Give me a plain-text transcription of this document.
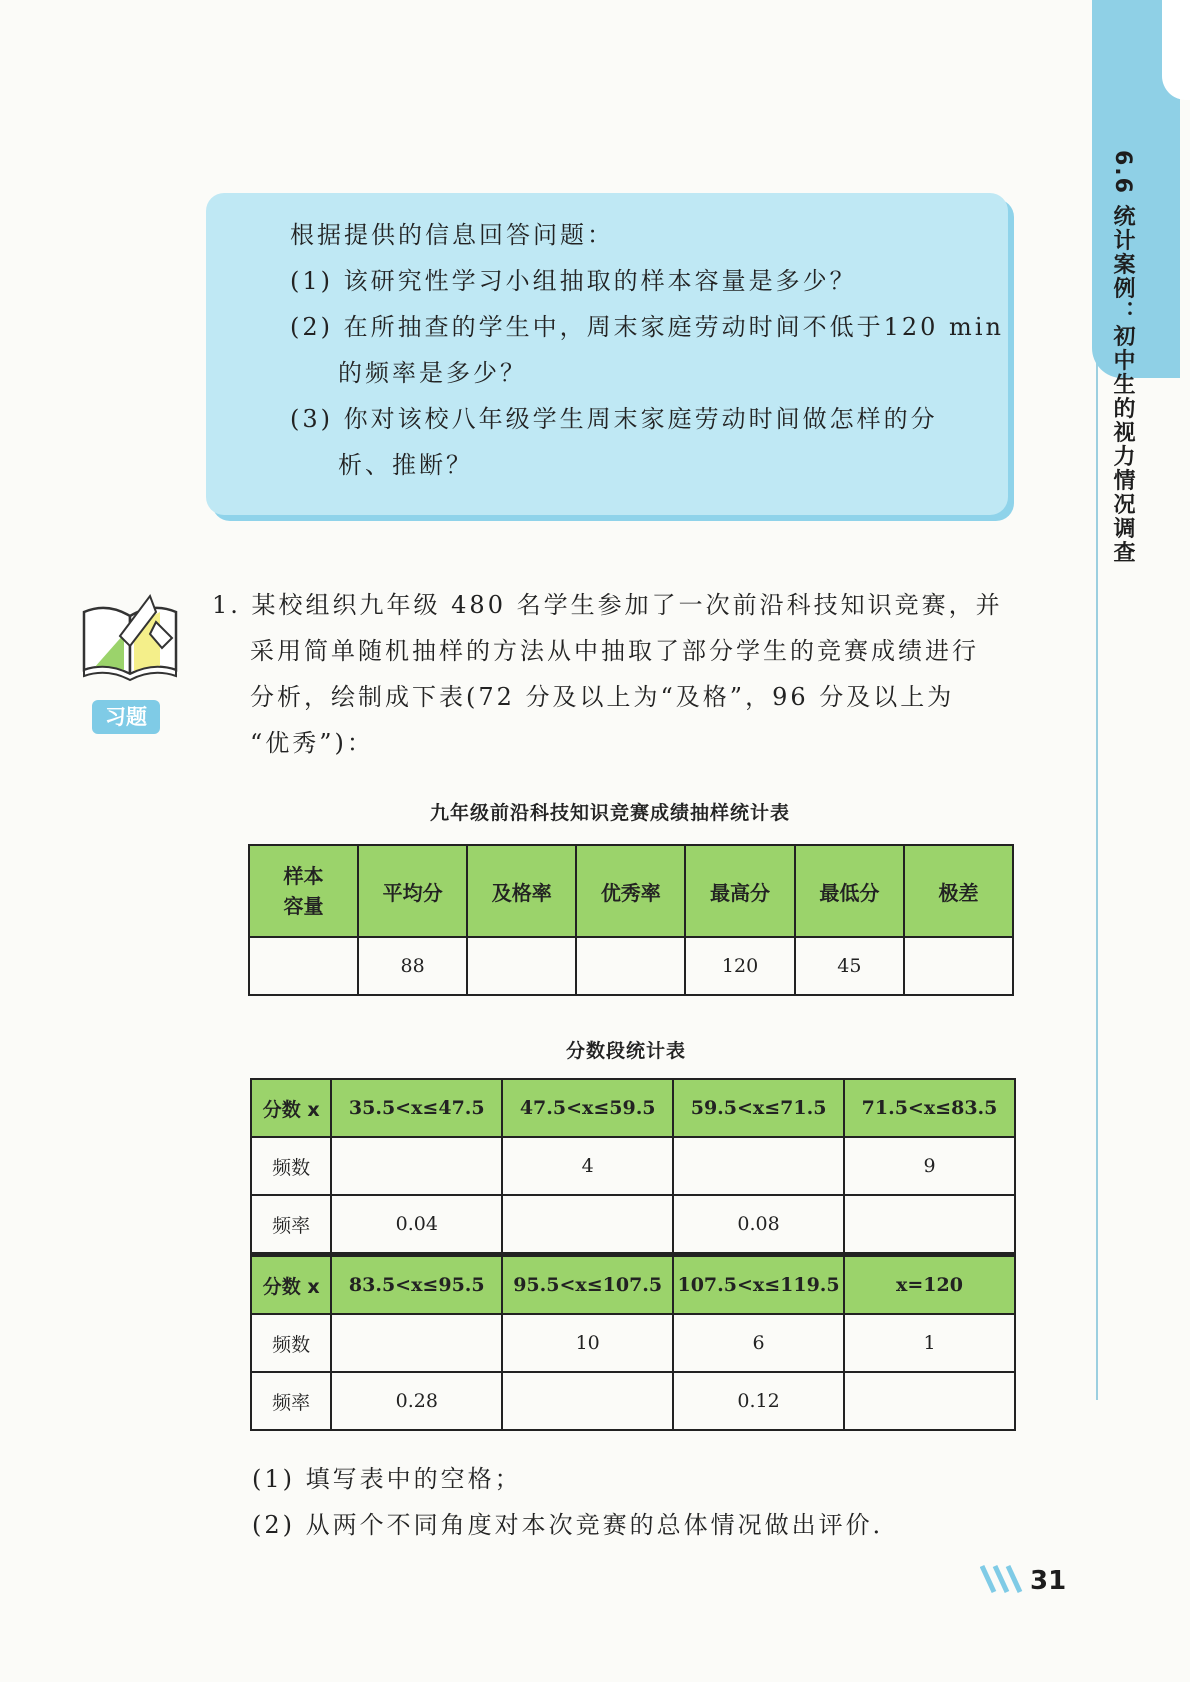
6.6 统计案例：初中生的视力情况调查
根据提供的信息回答问题：
(1) 该研究性学习小组抽取的样本容量是多少？
(2) 在所抽查的学生中，周末家庭劳动时间不低于120 min
的频率是多少？
(3) 你对该校八年级学生周末家庭劳动时间做怎样的分
析、推断？
习题
1. 某校组织九年级 480 名学生参加了一次前沿科技知识竞赛，并
采用简单随机抽样的方法从中抽取了部分学生的竞赛成绩进行
分析，绘制成下表(72 分及以上为“及格”，96 分及以上为
“优秀”)：
九年级前沿科技知识竞赛成绩抽样统计表
样本
容量	平均分	及格率	优秀率	最高分	最低分	极差
	88			120	45	
分数段统计表
分数 x	35.5<x≤47.5	47.5<x≤59.5	59.5<x≤71.5	71.5<x≤83.5
频数		4		9
频率	0.04		0.08	
分数 x	83.5<x≤95.5	95.5<x≤107.5	107.5<x≤119.5	x=120
频数		10	6	1
频率	0.28		0.12	
(1) 填写表中的空格；
(2) 从两个不同角度对本次竞赛的总体情况做出评价．
31
